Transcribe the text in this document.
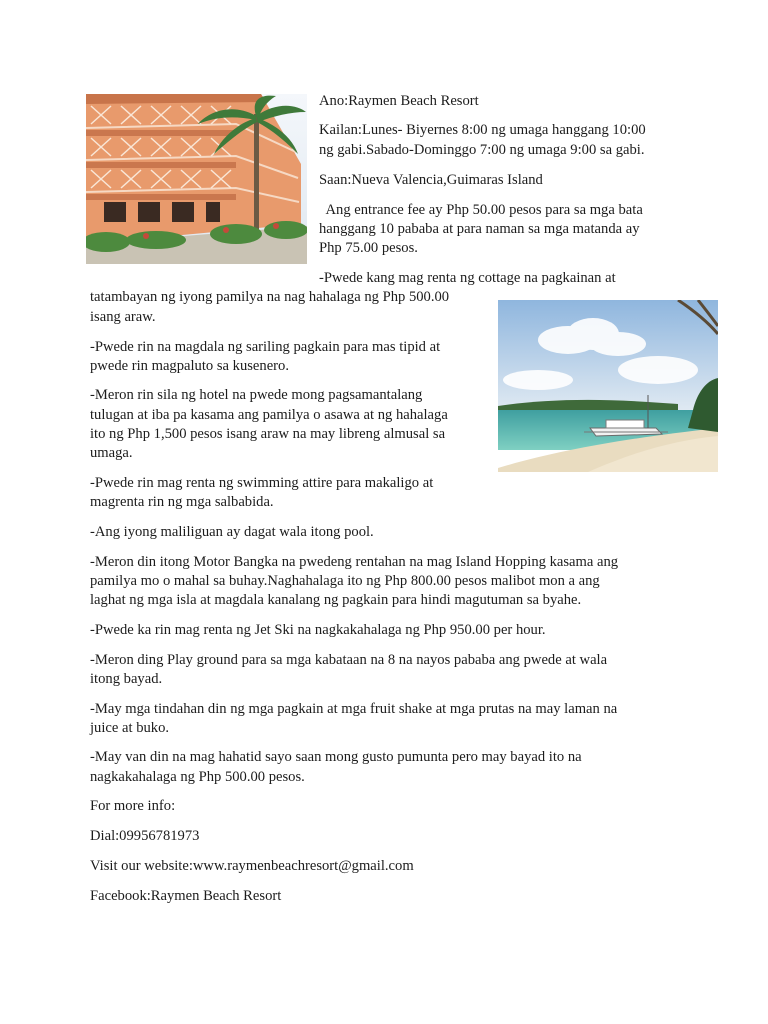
Ano:Raymen Beach Resort

Kailan:Lunes- Biyernes 8:00 ng umaga hanggang 10:00

ng gabi.Sabado-Dominggo 7:00 ng umaga 9:00 sa gabi.

Saan:Nueva Valencia,Guimaras Island

Ang entrance fee ay Php 50.00 pesos para sa mga bata

hanggang 10 pababa at para naman sa mga matanda ay

Php 75.00 pesos.

-Pwede kang mag renta ng cottage na pagkainan at

tatambayan ng iyong pamilya na nag hahalaga ng Php 500.00

isang araw.

-Pwede rin na magdala ng sariling pagkain para mas tipid at

pwede rin magpaluto sa kusenero.

-Meron rin sila ng hotel na pwede mong pagsamantalang

tulugan at iba pa kasama ang pamilya o asawa at ng hahalaga

ito ng Php 1,500 pesos isang araw na may libreng almusal sa

umaga.

-Pwede rin mag renta ng swimming attire para makaligo at

magrenta rin ng mga salbabida.

-Ang iyong maliliguan ay dagat wala itong pool.

-Meron din itong Motor Bangka na pwedeng rentahan na mag Island Hopping kasama ang

pamilya mo o mahal sa buhay.Naghahalaga ito ng Php 800.00 pesos malibot mon a ang

laghat ng mga isla at magdala kanalang ng pagkain para hindi magutuman sa byahe.

-Pwede ka rin mag renta ng Jet Ski na nagkakahalaga ng Php 950.00 per hour.

-Meron ding Play ground para sa mga kabataan na 8 na nayos pababa ang pwede at wala

itong bayad.

-May mga tindahan din ng mga pagkain at mga fruit shake at mga prutas na may laman na

juice at buko.

-May van din na mag hahatid sayo saan mong gusto pumunta pero may bayad ito na

nagkakahalaga ng Php 500.00 pesos.

For more info:

Dial:09956781973

Visit our website:www.raymenbeachresort@gmail.com

Facebook:Raymen Beach Resort
